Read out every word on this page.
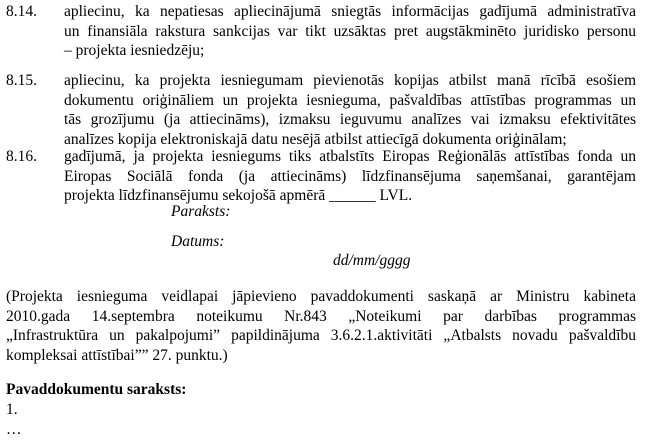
8.14.	apliecinu, ka nepatiesas apliecinājumā sniegtās informācijas gadījumā administratīva
un finansiāla rakstura sankcijas var tikt uzsāktas pret augstākminēto juridisko personu
– projekta iesniedzēju;
8.15.	apliecinu, ka projekta iesniegumam pievienotās kopijas atbilst manā rīcībā esošiem
dokumentu oriģināliem un projekta iesnieguma, pašvaldības attīstības programmas un
tās grozījumu (ja attiecināms), izmaksu ieguvumu analīzes vai izmaksu efektivitātes
analīzes kopija elektroniskajā datu nesējā atbilst attiecīgā dokumenta oriģinālam;
8.16.	gadījumā, ja projekta iesniegums tiks atbalstīts Eiropas Reģionālās attīstības fonda un
Eiropas Sociālā fonda (ja attiecināms) līdzfinansējuma saņemšanai, garantējam
projekta līdzfinansējumu sekojošā apmērā ______ LVL.
Paraksts:
Datums:
dd/mm/gggg
(Projekta iesnieguma veidlapai jāpievieno pavaddokumenti saskaņā ar Ministru kabineta
2010.gada 14.septembra noteikumu Nr.843 „Noteikumi par darbības programmas
„Infrastruktūra un pakalpojumi” papildinājuma 3.6.2.1.aktivitāti „Atbalsts novadu pašvaldību
kompleksai attīstībai”” 27. punktu.)
Pavaddokumentu saraksts:
1.
…
